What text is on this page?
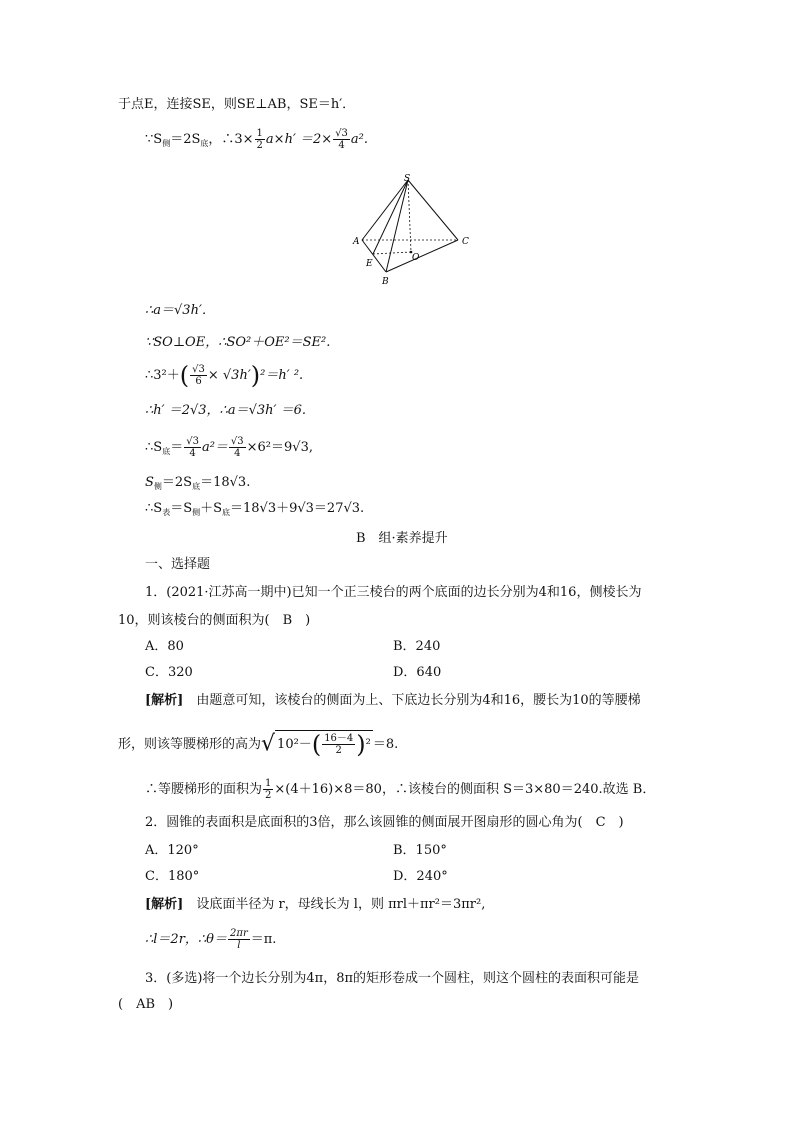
于点E，连接SE，则SE⊥AB，SE＝h′．
$\because S_侧=2S_底$，∴3× $\frac{1}{2} a\times h' =2\times \frac{√3}{4} a^2$.
S
A	C
E
O
B
∴a＝√3h′．
∵SO⊥OE，∴SO²＋OE²＝SE².
∴3²＋( $\frac{√3}{6} \times √3h')^2=h'$ ².
∴h′ ＝2√3，∴a＝√3h′ ＝6.
$\therefore S_底= \frac{√3}{4} a^2= \frac{√3}{4} \times 6^2=9√3$,
$S_侧=2S_底=18√3$.
$\therefore S_表=S_侧+S_底=18√3+9√3=27√3$.
B　组·素养提升
一、选择题
1．(2021·江苏高一期中)已知一个正三棱台的两个底面的边长分别为4和16，侧棱长为
10，则该棱台的侧面积为(　B　)
A．80	B．240
C．320	D．640
[解析]　由题意可知，该棱台的侧面为上、下底边长分别为4和16，腰长为10的等腰梯
形，则该等腰梯形的高为√ $10^2-( \frac{16-4}{2} )^2 =8$.
∴等腰梯形的面积为 $\frac{1}{2} \times(4+16)\times 8=80$，∴该棱台的侧面积 S＝3×80＝240.故选 B．
2．圆锥的表面积是底面积的3倍，那么该圆锥的侧面展开图扇形的圆心角为(　C　)
A．120°	B．150°
C．180°	D．240°
[解析]　设底面半径为 r，母线长为 l，则 πrl＋πr²＝3πr²,
∴l＝2r，∴θ＝ $\frac{2\pi r}{l} =\pi$.
3．(多选)将一个边长分别为4π，8π的矩形卷成一个圆柱，则这个圆柱的表面积可能是
(　AB　)
